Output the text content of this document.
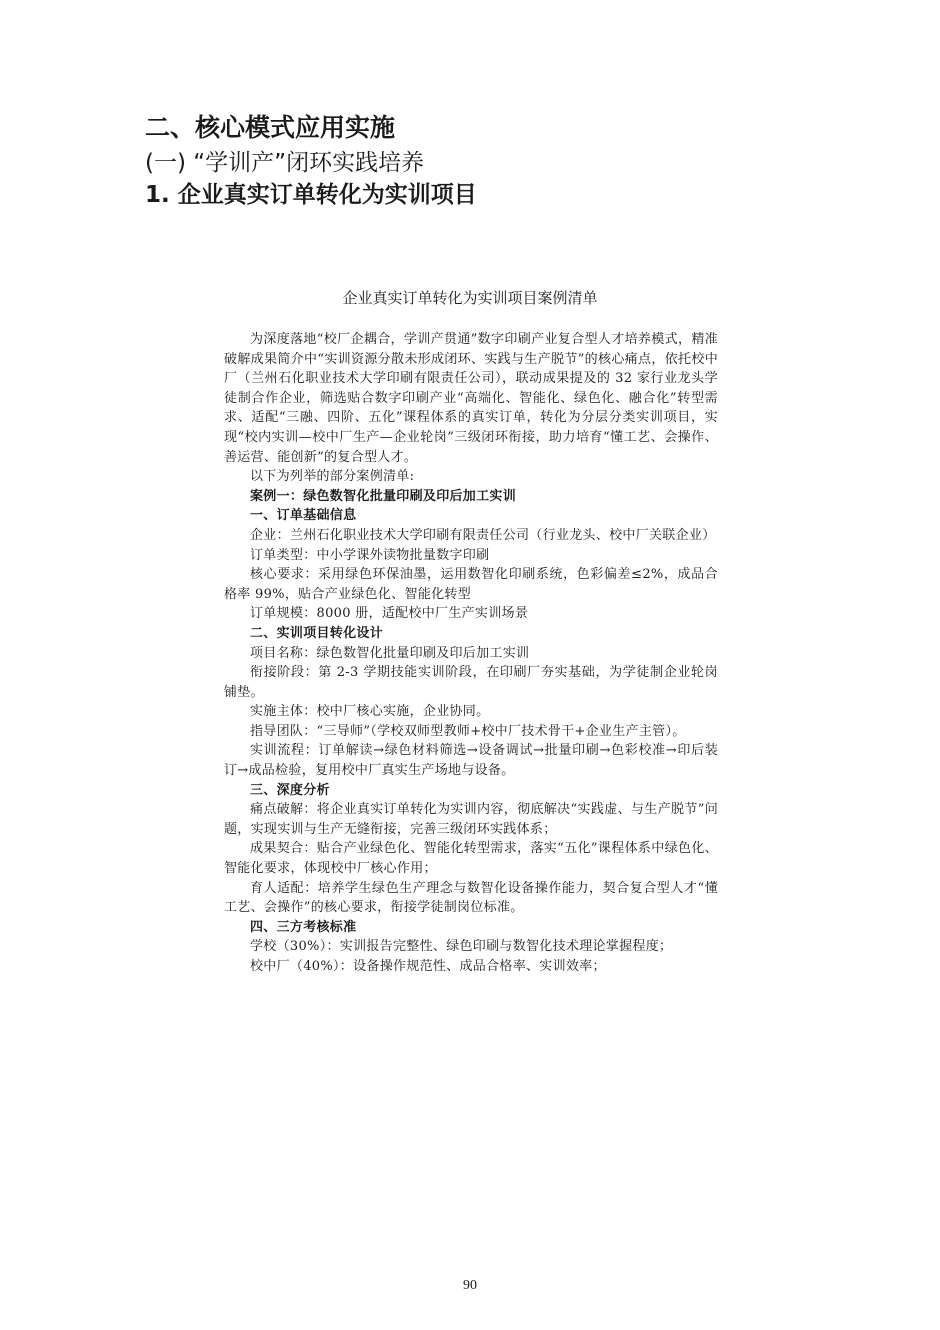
二、核心模式应用实施
(一) “学训产”闭环实践培养
1. 企业真实订单转化为实训项目
企业真实订单转化为实训项目案例清单

为深度落地“校厂企耦合，学训产贯通”数字印刷产业复合型人才培养模式，精准破解成果简介中“实训资源分散未形成闭环、实践与生产脱节”的核心痛点，依托校中厂（兰州石化职业技术大学印刷有限责任公司），联动成果提及的 32 家行业龙头学徒制合作企业，筛选贴合数字印刷产业“高端化、智能化、绿色化、融合化”转型需求、适配“三融、四阶、五化”课程体系的真实订单，转化为分层分类实训项目，实现“校内实训—校中厂生产—企业轮岗”三级闭环衔接，助力培育“懂工艺、会操作、善运营、能创新”的复合型人才。

以下为列举的部分案例清单:

案例一：绿色数智化批量印刷及印后加工实训

一、订单基础信息

企业：兰州石化职业技术大学印刷有限责任公司（行业龙头、校中厂关联企业）

订单类型：中小学课外读物批量数字印刷

核心要求：采用绿色环保油墨，运用数智化印刷系统，色彩偏差≤2%，成品合格率 99%，贴合产业绿色化、智能化转型

订单规模：8000 册，适配校中厂生产实训场景

二、实训项目转化设计

项目名称：绿色数智化批量印刷及印后加工实训

衔接阶段：第 2-3 学期技能实训阶段，在印刷厂夯实基础，为学徒制企业轮岗铺垫。

实施主体：校中厂核心实施，企业协同。

指导团队：“三导师”（学校双师型教师+校中厂技术骨干+企业生产主管）。

实训流程：订单解读→绿色材料筛选→设备调试→批量印刷→色彩校准→印后装订→成品检验，复用校中厂真实生产场地与设备。

三、深度分析

痛点破解：将企业真实订单转化为实训内容，彻底解决“实践虚、与生产脱节”问题，实现实训与生产无缝衔接，完善三级闭环实践体系；

成果契合：贴合产业绿色化、智能化转型需求，落实“五化”课程体系中绿色化、智能化要求，体现校中厂核心作用；

育人适配：培养学生绿色生产理念与数智化设备操作能力，契合复合型人才“懂工艺、会操作”的核心要求，衔接学徒制岗位标准。

四、三方考核标准

学校（30%）：实训报告完整性、绿色印刷与数智化技术理论掌握程度；

校中厂（40%）：设备操作规范性、成品合格率、实训效率；

90
